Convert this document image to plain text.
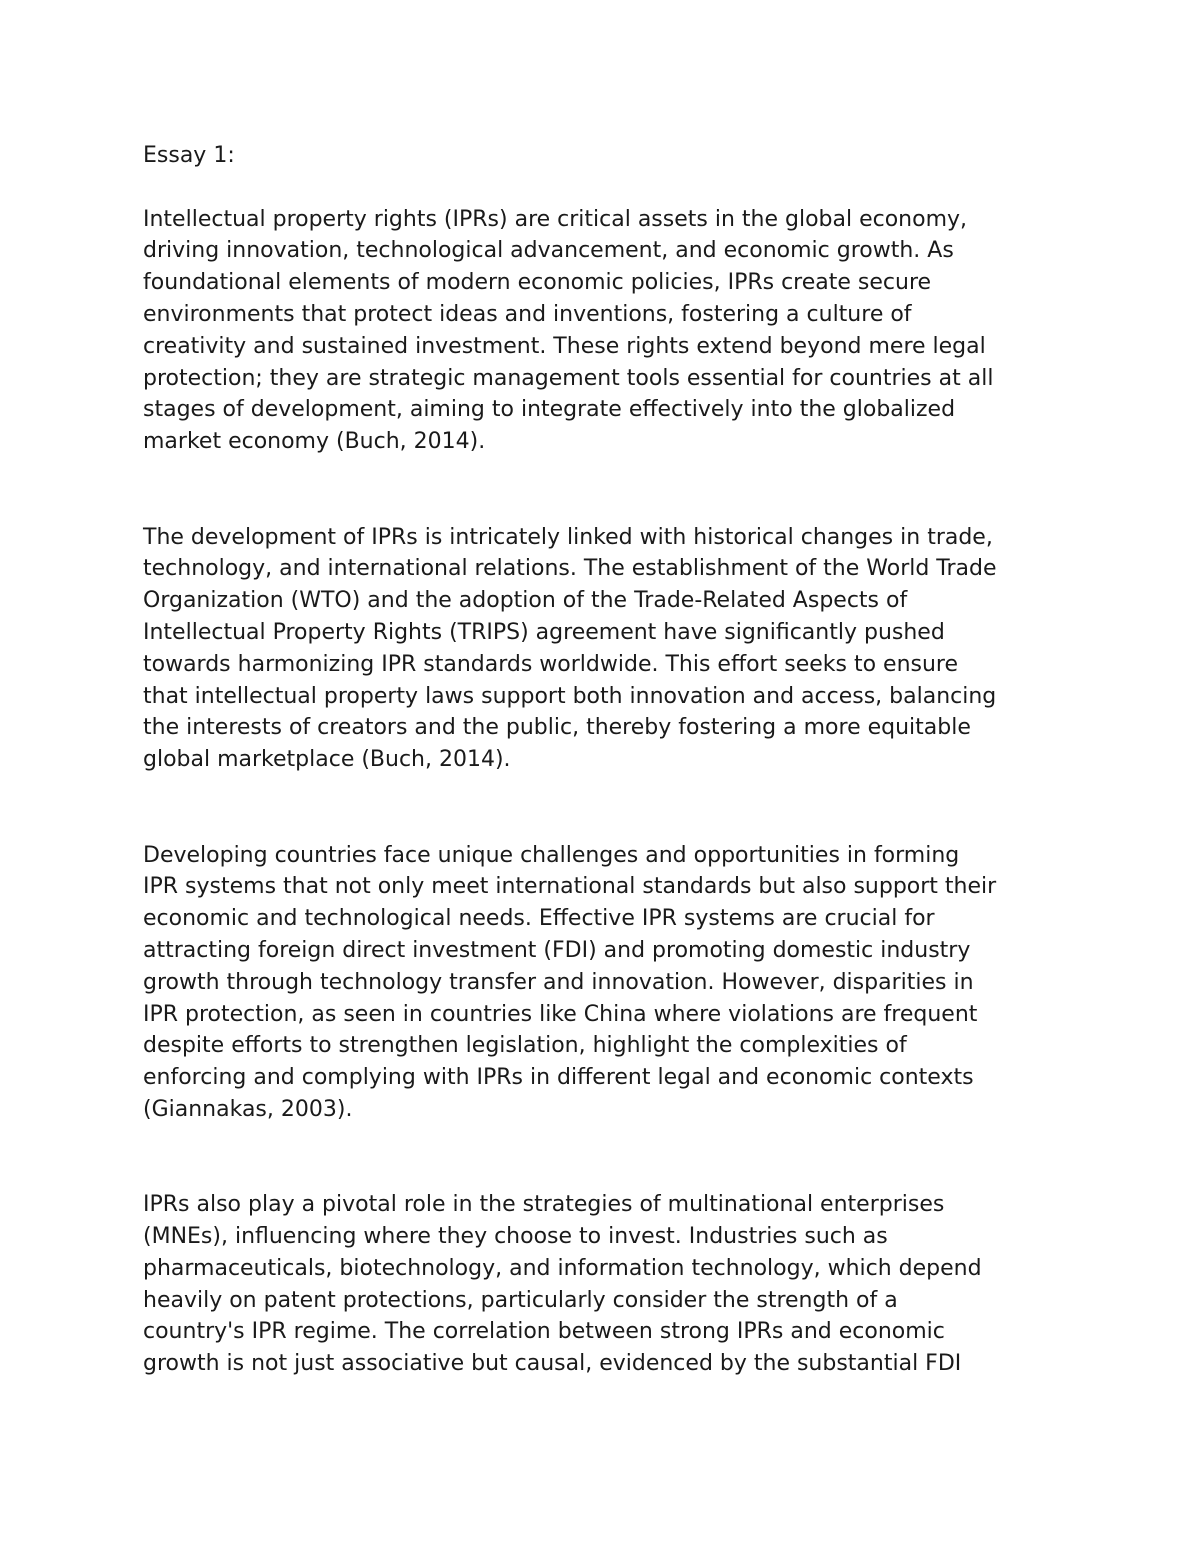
Essay 1:
Intellectual property rights (IPRs) are critical assets in the global economy,
driving innovation, technological advancement, and economic growth. As
foundational elements of modern economic policies, IPRs create secure
environments that protect ideas and inventions, fostering a culture of
creativity and sustained investment. These rights extend beyond mere legal
protection; they are strategic management tools essential for countries at all
stages of development, aiming to integrate effectively into the globalized
market economy (Buch, 2014).
The development of IPRs is intricately linked with historical changes in trade,
technology, and international relations. The establishment of the World Trade
Organization (WTO) and the adoption of the Trade-Related Aspects of
Intellectual Property Rights (TRIPS) agreement have significantly pushed
towards harmonizing IPR standards worldwide. This effort seeks to ensure
that intellectual property laws support both innovation and access, balancing
the interests of creators and the public, thereby fostering a more equitable
global marketplace (Buch, 2014).
Developing countries face unique challenges and opportunities in forming
IPR systems that not only meet international standards but also support their
economic and technological needs. Effective IPR systems are crucial for
attracting foreign direct investment (FDI) and promoting domestic industry
growth through technology transfer and innovation. However, disparities in
IPR protection, as seen in countries like China where violations are frequent
despite efforts to strengthen legislation, highlight the complexities of
enforcing and complying with IPRs in different legal and economic contexts
(Giannakas, 2003).
IPRs also play a pivotal role in the strategies of multinational enterprises
(MNEs), influencing where they choose to invest. Industries such as
pharmaceuticals, biotechnology, and information technology, which depend
heavily on patent protections, particularly consider the strength of a
country's IPR regime. The correlation between strong IPRs and economic
growth is not just associative but causal, evidenced by the substantial FDI
